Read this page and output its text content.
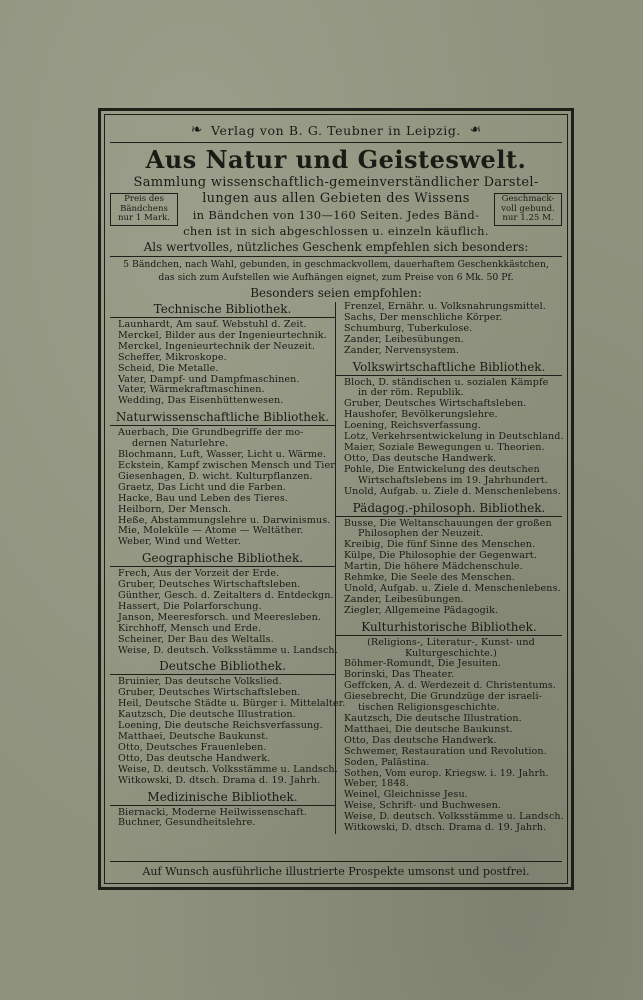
❧ Verlag von B. G. Teubner in Leipzig. ❧
Aus Natur und Geisteswelt.
Sammlung wissenschaftlich-gemeinverständlicher Darstel-
Preis des
Bändchens
nur 1 Mark.
lungen aus allen Gebieten des Wissens
in Bändchen von 130—160 Seiten. Jedes Bänd-
chen ist in sich abgeschlossen u. einzeln käuflich.
Geschmack-
voll gebund.
nur 1.25 M.
Als wertvolles, nützliches Geschenk empfehlen sich besonders:
5 Bändchen, nach Wahl, gebunden, in geschmackvollem, dauerhaftem Geschenkkästchen,
das sich zum Aufstellen wie Aufhängen eignet, zum Preise von 6 Mk. 50 Pf.
Besonders seien empfohlen:
Technische Bibliothek.
Launhardt, Am sauf. Webstuhl d. Zeit.
Merckel, Bilder aus der Ingenieurtechnik.
Merckel, Ingenieurtechnik der Neuzeit.
Scheffer, Mikroskope.
Scheid, Die Metalle.
Vater, Dampf- und Dampfmaschinen.
Vater, Wärmekraftmaschinen.
Wedding, Das Eisenhüttenwesen.
Naturwissenschaftliche Bibliothek.
Auerbach, Die Grundbegriffe der mo-
dernen Naturlehre.
Blochmann, Luft, Wasser, Licht u. Wärme.
Eckstein, Kampf zwischen Mensch und Tier.
Giesenhagen, D. wicht. Kulturpflanzen.
Graetz, Das Licht und die Farben.
Hacke, Bau und Leben des Tieres.
Heilborn, Der Mensch.
Heße, Abstammungslehre u. Darwinismus.
Mie, Moleküle — Atome — Weltäther.
Weber, Wind und Wetter.
Geographische Bibliothek.
Frech, Aus der Vorzeit der Erde.
Gruber, Deutsches Wirtschaftsleben.
Günther, Gesch. d. Zeitalters d. Entdeckgn.
Hassert, Die Polarforschung.
Janson, Meeresforsch. und Meeresleben.
Kirchhoff, Mensch und Erde.
Scheiner, Der Bau des Weltalls.
Weise, D. deutsch. Volksstämme u. Landsch.
Deutsche Bibliothek.
Bruinier, Das deutsche Volkslied.
Gruber, Deutsches Wirtschaftsleben.
Heil, Deutsche Städte u. Bürger i. Mittelalter.
Kautzsch, Die deutsche Illustration.
Loening, Die deutsche Reichsverfassung.
Matthaei, Deutsche Baukunst.
Otto, Deutsches Frauenleben.
Otto, Das deutsche Handwerk.
Weise, D. deutsch. Volksstämme u. Landsch.
Witkowski, D. dtsch. Drama d. 19. Jahrh.
Medizinische Bibliothek.
Biernacki, Moderne Heilwissenschaft.
Buchner, Gesundheitslehre.
Frenzel, Ernähr. u. Volksnahrungsmittel.
Sachs, Der menschliche Körper.
Schumburg, Tuberkulose.
Zander, Leibesübungen.
Zander, Nervensystem.
Volkswirtschaftliche Bibliothek.
Bloch, D. ständischen u. sozialen Kämpfe
in der röm. Republik.
Gruber, Deutsches Wirtschaftsleben.
Haushofer, Bevölkerungslehre.
Loening, Reichsverfassung.
Lotz, Verkehrsentwickelung in Deutschland.
Maier, Soziale Bewegungen u. Theorien.
Otto, Das deutsche Handwerk.
Pohle, Die Entwickelung des deutschen
Wirtschaftslebens im 19. Jahrhundert.
Unold, Aufgab. u. Ziele d. Menschenlebens.
Pädagog.-philosoph. Bibliothek.
Busse, Die Weltanschauungen der großen
Philosophen der Neuzeit.
Kreibig, Die fünf Sinne des Menschen.
Külpe, Die Philosophie der Gegenwart.
Martin, Die höhere Mädchenschule.
Rehmke, Die Seele des Menschen.
Unold, Aufgab. u. Ziele d. Menschenlebens.
Zander, Leibesübungen.
Ziegler, Allgemeine Pädagogik.
Kulturhistorische Bibliothek.
(Religions-, Literatur-, Kunst- und
Kulturgeschichte.)
Böhmer-Romundt, Die Jesuiten.
Borinski, Das Theater.
Geffcken, A. d. Werdezeit d. Christentums.
Giesebrecht, Die Grundzüge der israeli-
tischen Religionsgeschichte.
Kautzsch, Die deutsche Illustration.
Matthaei, Die deutsche Baukunst.
Otto, Das deutsche Handwerk.
Schwemer, Restauration und Revolution.
Soden, Palästina.
Sothen, Vom europ. Kriegsw. i. 19. Jahrh.
Weber, 1848.
Weinel, Gleichnisse Jesu.
Weise, Schrift- und Buchwesen.
Weise, D. deutsch. Volksstämme u. Landsch.
Witkowski, D. dtsch. Drama d. 19. Jahrh.
Auf Wunsch ausführliche illustrierte Prospekte umsonst und postfrei.
